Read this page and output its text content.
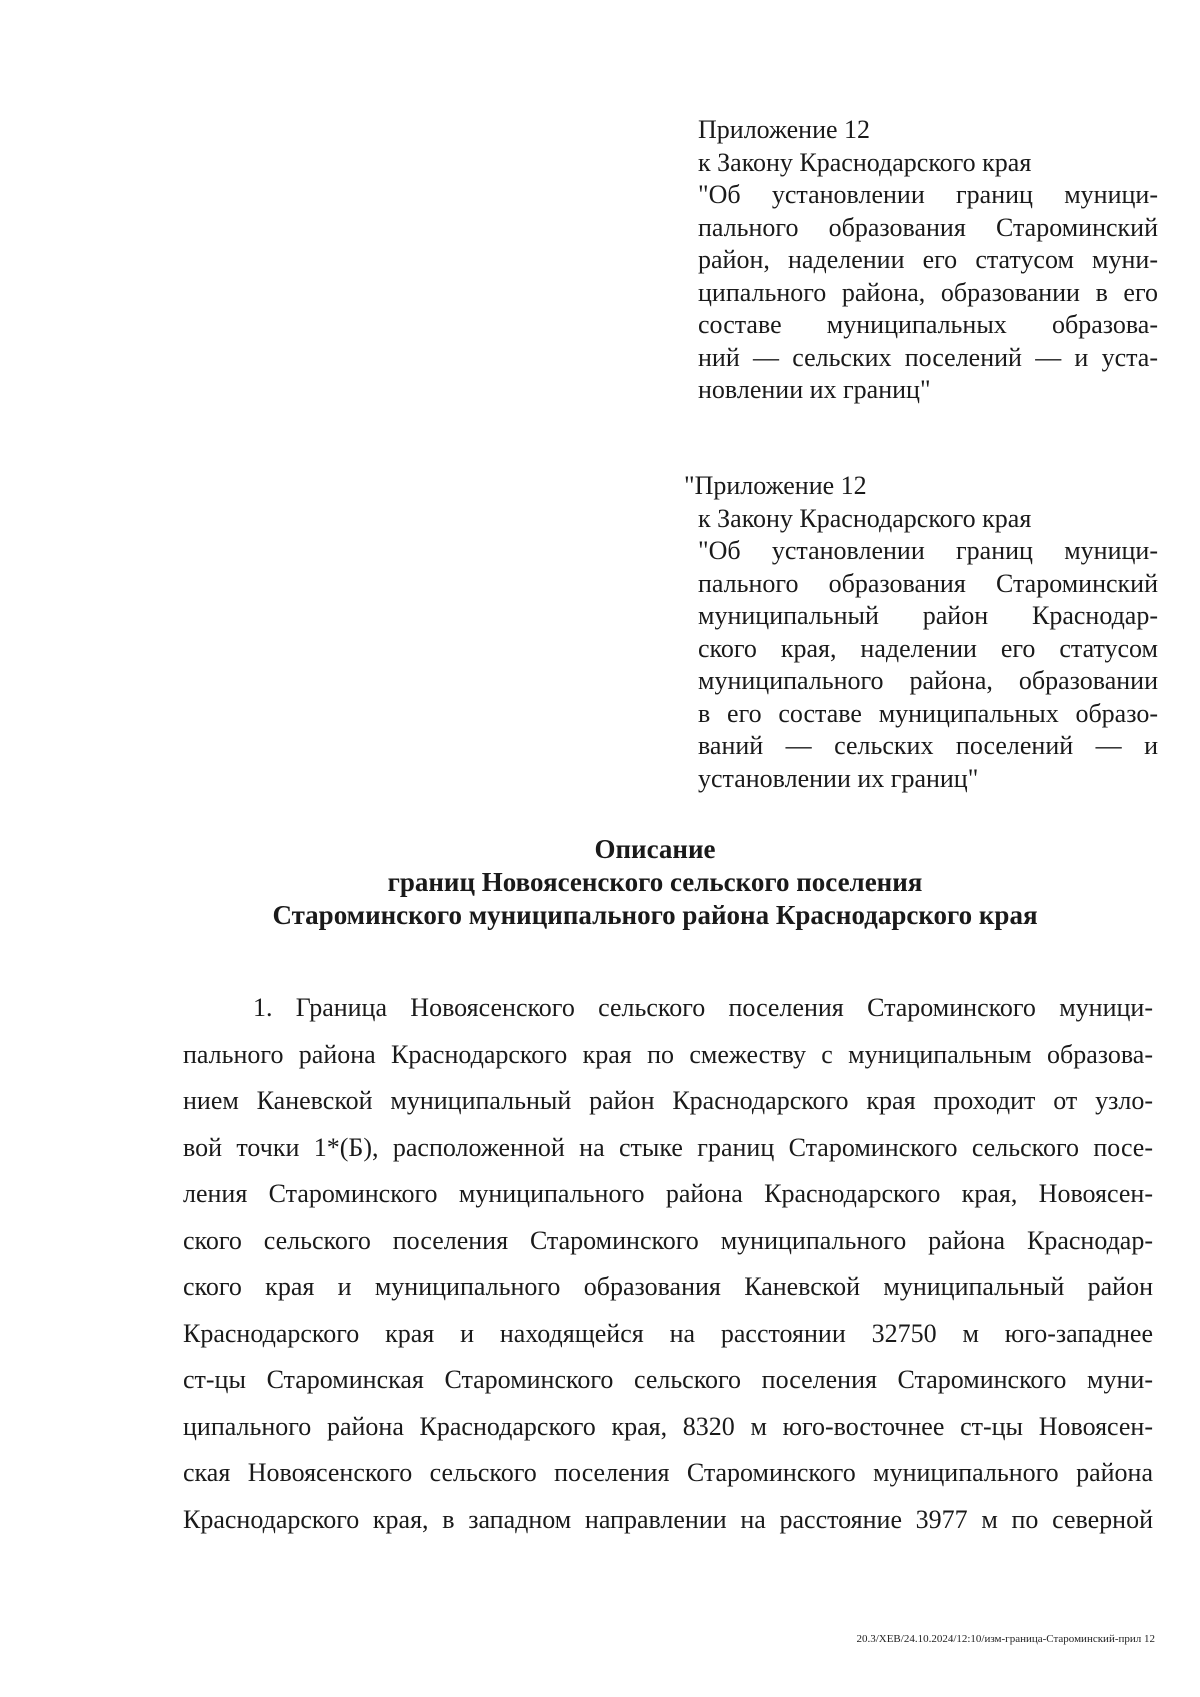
Приложение 12
к Закону Краснодарского края
"Об установлении границ муници-
пального образования Староминский
район, наделении его статусом муни-
ципального района, образовании в его
составе муниципальных образова-
ний — сельских поселений — и уста-
новлении их границ"
"Приложение 12
к Закону Краснодарского края
"Об установлении границ муници-
пального образования Староминский
муниципальный район Краснодар-
ского края, наделении его статусом
муниципального района, образовании
в его составе муниципальных образо-
ваний — сельских поселений — и
установлении их границ"
Описание
границ Новоясенского сельского поселения
Староминского муниципального района Краснодарского края
1. Граница Новоясенского сельского поселения Староминского муници-
пального района Краснодарского края по смежеству с муниципальным образова-
нием Каневской муниципальный район Краснодарского края проходит от узло-
вой точки 1*(Б), расположенной на стыке границ Староминского сельского посе-
ления Староминского муниципального района Краснодарского края, Новоясен-
ского сельского поселения Староминского муниципального района Краснодар-
ского края и муниципального образования Каневской муниципальный район
Краснодарского края и находящейся на расстоянии 32750 м юго-западнее
ст-цы Староминская Староминского сельского поселения Староминского муни-
ципального района Краснодарского края, 8320 м юго-восточнее ст-цы Новоясен-
ская Новоясенского сельского поселения Староминского муниципального района
Краснодарского края, в западном направлении на расстояние 3977 м по северной
20.3/ХЕВ/24.10.2024/12:10/изм-граница-Староминский-прил 12
